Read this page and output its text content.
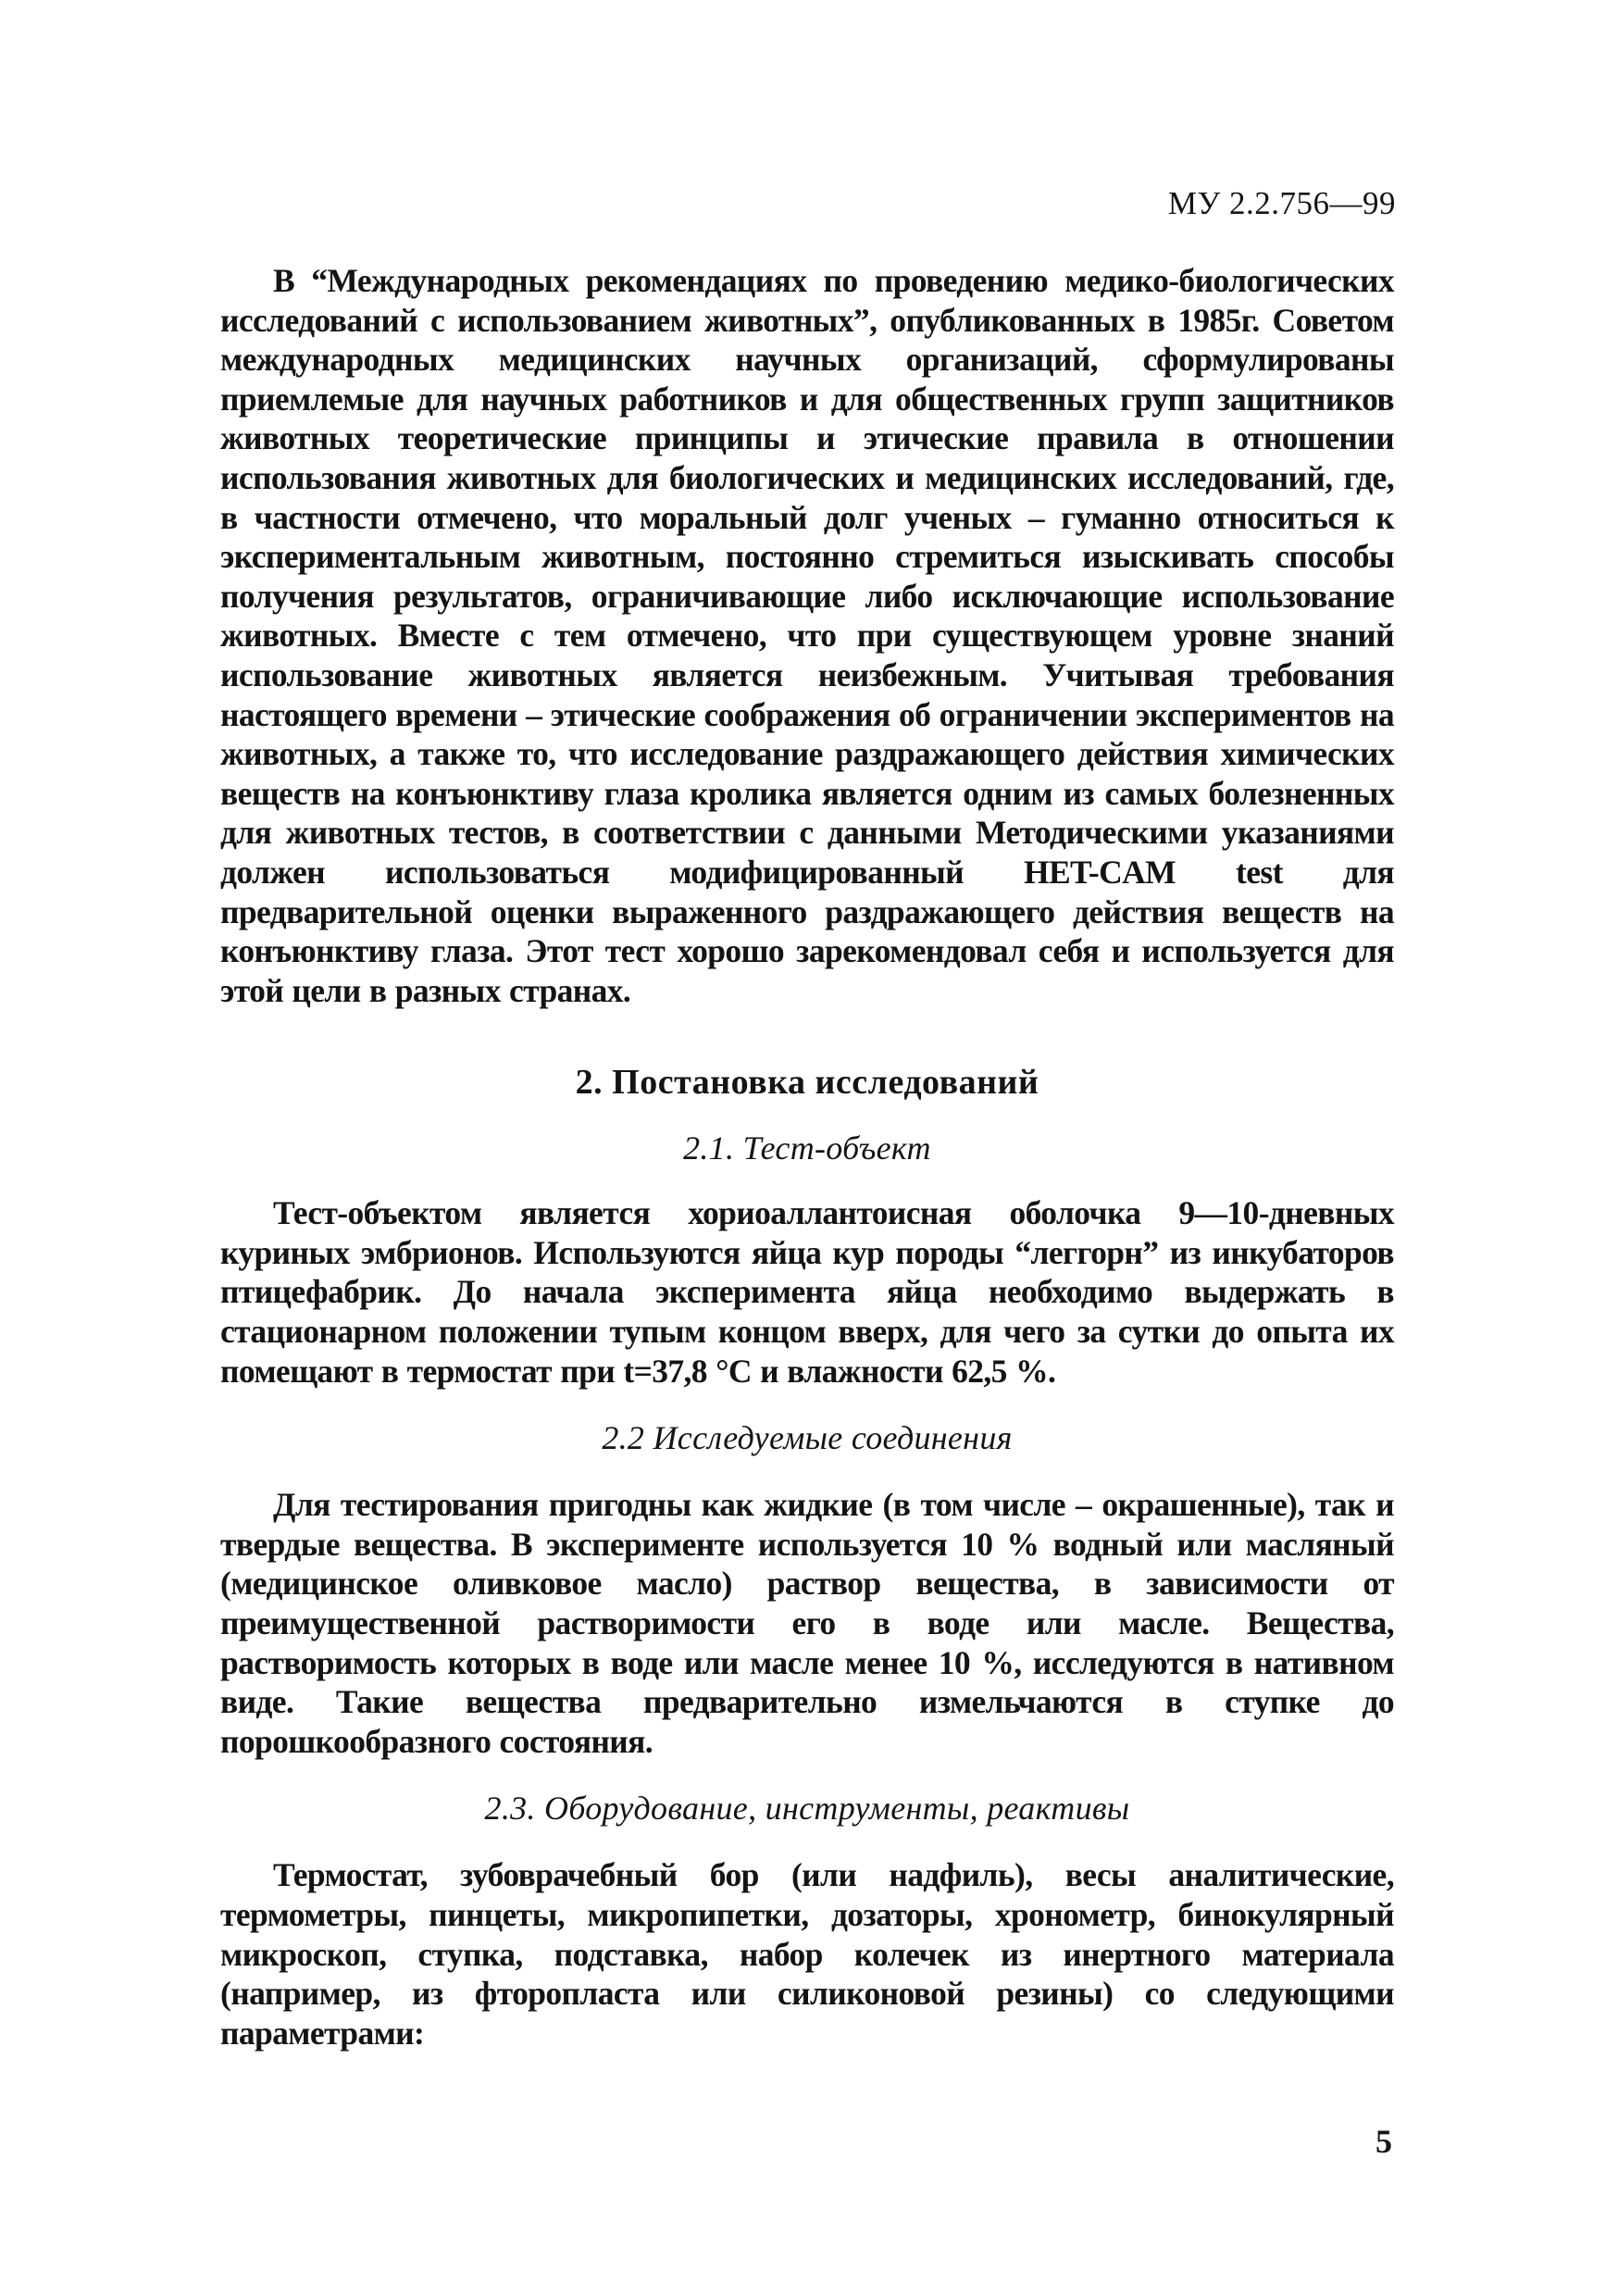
МУ 2.2.756—99

В “Международных рекомендациях по проведению медико-биологических исследований с использованием животных”, опубликованных в 1985г. Советом международных медицинских научных организаций, сформулированы приемлемые для научных работников и для общественных групп защитников животных теоретические принципы и этические правила в отношении использования животных для биологических и медицинских исследований, где, в частности отмечено, что моральный долг ученых – гуманно относиться к экспериментальным животным, постоянно стремиться изыскивать способы получения результатов, ограничивающие либо исключающие использование животных. Вместе с тем отмечено, что при существующем уровне знаний использование животных является неизбежным. Учитывая требования настоящего времени – этические соображения об ограничении экспериментов на животных, а также то, что исследование раздражающего действия химических веществ на конъюнктиву глаза кролика является одним из самых болезненных для животных тестов, в соответствии с данными Методическими указаниями должен использоваться модифицированный HET-CAM test для предварительной оценки выраженного раздражающего действия веществ на конъюнктиву глаза. Этот тест хорошо зарекомендовал себя и используется для этой цели в разных странах.

2. Постановка исследований
2.1. Тест-объект

Тест-объектом является хориоаллантоисная оболочка 9—10-дневных куриных эмбрионов. Используются яйца кур породы “леггорн” из инкубаторов птицефабрик. До начала эксперимента яйца необходимо выдержать в стационарном положении тупым концом вверх, для чего за сутки до опыта их помещают в термостат при t=37,8 °С и влажности 62,5 %.

2.2 Исследуемые соединения

Для тестирования пригодны как жидкие (в том числе – окрашенные), так и твердые вещества. В эксперименте используется 10 % водный или масляный (медицинское оливковое масло) раствор вещества, в зависимости от преимущественной растворимости его в воде или масле. Вещества, растворимость которых в воде или масле менее 10 %, исследуются в нативном виде. Такие вещества предварительно измельчаются в ступке до порошкообразного состояния.

2.3. Оборудование, инструменты, реактивы

Термостат, зубоврачебный бор (или надфиль), весы аналитические, термометры, пинцеты, микропипетки, дозаторы, хронометр, бинокулярный микроскоп, ступка, подставка, набор колечек из инертного материала (например, из фторопласта или силиконовой резины) со следующими параметрами:

5
